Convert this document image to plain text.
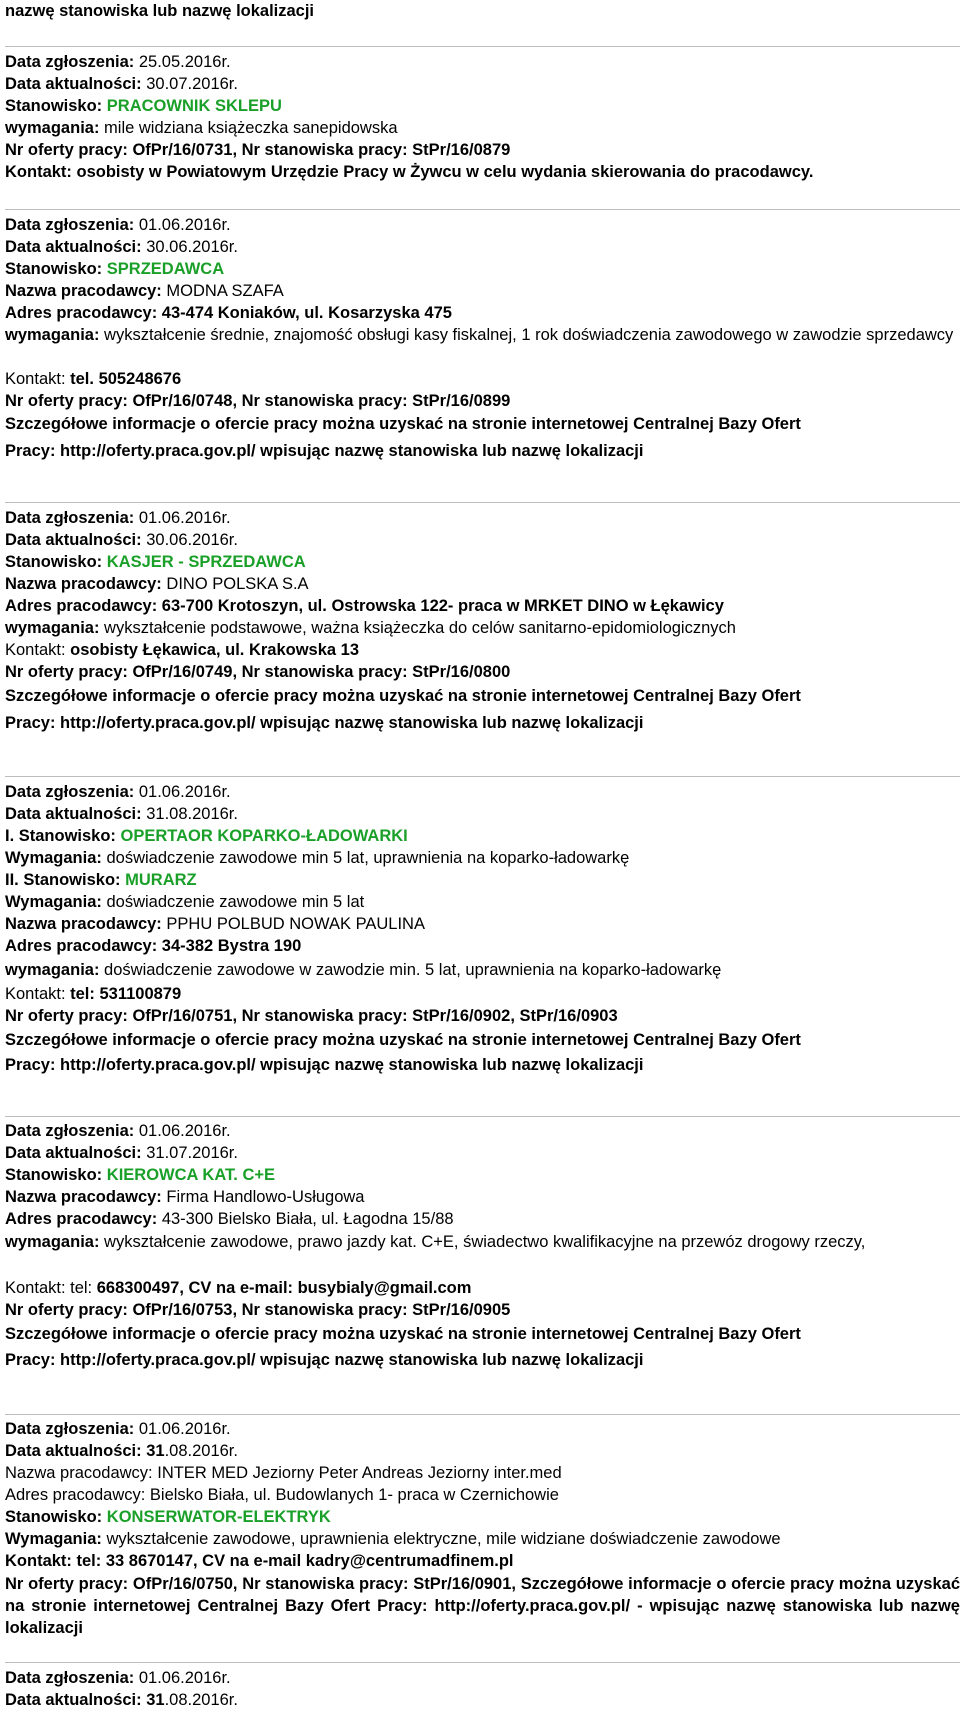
nazwę stanowiska lub nazwę lokalizacji
Data zgłoszenia: 25.05.2016r.
Data aktualności: 30.07.2016r.
Stanowisko: PRACOWNIK SKLEPU
wymagania: mile widziana książeczka sanepidowska
Nr oferty pracy: OfPr/16/0731, Nr stanowiska pracy: StPr/16/0879
Kontakt: osobisty w Powiatowym Urzędzie Pracy w Żywcu w celu wydania skierowania do pracodawcy.
Data zgłoszenia: 01.06.2016r.
Data aktualności: 30.06.2016r.
Stanowisko: SPRZEDAWCA
Nazwa pracodawcy: MODNA SZAFA
Adres pracodawcy: 43-474 Koniaków, ul. Kosarzyska 475
wymagania: wykształcenie średnie, znajomość obsługi kasy fiskalnej, 1 rok doświadczenia zawodowego w zawodzie sprzedawcy
Kontakt: tel. 505248676
Nr oferty pracy: OfPr/16/0748, Nr stanowiska pracy: StPr/16/0899
Szczegółowe informacje o ofercie pracy można uzyskać na stronie internetowej Centralnej Bazy Ofert
Pracy: http://oferty.praca.gov.pl/ wpisując nazwę stanowiska lub nazwę lokalizacji
Data zgłoszenia: 01.06.2016r.
Data aktualności: 30.06.2016r.
Stanowisko: KASJER - SPRZEDAWCA
Nazwa pracodawcy: DINO POLSKA S.A
Adres pracodawcy: 63-700 Krotoszyn, ul. Ostrowska 122- praca w MRKET DINO w Łękawicy
wymagania: wykształcenie podstawowe, ważna książeczka do celów sanitarno-epidomiologicznych
Kontakt: osobisty Łękawica, ul. Krakowska 13
Nr oferty pracy: OfPr/16/0749, Nr stanowiska pracy: StPr/16/0800
Szczegółowe informacje o ofercie pracy można uzyskać na stronie internetowej Centralnej Bazy Ofert
Pracy: http://oferty.praca.gov.pl/ wpisując nazwę stanowiska lub nazwę lokalizacji
Data zgłoszenia: 01.06.2016r.
Data aktualności: 31.08.2016r.
I. Stanowisko: OPERTAOR KOPARKO-ŁADOWARKI
Wymagania: doświadczenie zawodowe min 5 lat, uprawnienia na koparko-ładowarkę
II. Stanowisko: MURARZ
Wymagania: doświadczenie zawodowe min 5 lat
Nazwa pracodawcy: PPHU POLBUD NOWAK PAULINA
Adres pracodawcy: 34-382 Bystra 190
wymagania: doświadczenie zawodowe w zawodzie min. 5 lat, uprawnienia na koparko-ładowarkę
Kontakt: tel: 531100879
Nr oferty pracy: OfPr/16/0751, Nr stanowiska pracy: StPr/16/0902, StPr/16/0903
Szczegółowe informacje o ofercie pracy można uzyskać na stronie internetowej Centralnej Bazy Ofert
Pracy: http://oferty.praca.gov.pl/ wpisując nazwę stanowiska lub nazwę lokalizacji
Data zgłoszenia: 01.06.2016r.
Data aktualności: 31.07.2016r.
Stanowisko: KIEROWCA KAT. C+E
Nazwa pracodawcy: Firma Handlowo-Usługowa
Adres pracodawcy: 43-300 Bielsko Biała, ul. Łagodna 15/88
wymagania: wykształcenie zawodowe, prawo jazdy kat. C+E, świadectwo kwalifikacyjne na przewóz drogowy rzeczy,
Kontakt: tel: 668300497, CV na e-mail: busybialy@gmail.com
Nr oferty pracy: OfPr/16/0753, Nr stanowiska pracy: StPr/16/0905
Szczegółowe informacje o ofercie pracy można uzyskać na stronie internetowej Centralnej Bazy Ofert
Pracy: http://oferty.praca.gov.pl/ wpisując nazwę stanowiska lub nazwę lokalizacji
Data zgłoszenia: 01.06.2016r.
Data aktualności: 31.08.2016r.
Nazwa pracodawcy: INTER MED Jeziorny Peter Andreas Jeziorny inter.med
Adres pracodawcy: Bielsko Biała, ul. Budowlanych 1- praca w Czernichowie
Stanowisko: KONSERWATOR-ELEKTRYK
Wymagania: wykształcenie zawodowe, uprawnienia elektryczne, mile widziane doświadczenie zawodowe
Kontakt: tel: 33 8670147, CV na e-mail kadry@centrumadfinem.pl
Nr oferty pracy: OfPr/16/0750, Nr stanowiska pracy: StPr/16/0901, Szczegółowe informacje o ofercie pracy można uzyskać na stronie internetowej Centralnej Bazy Ofert Pracy: http://oferty.praca.gov.pl/ - wpisując nazwę stanowiska lub nazwę lokalizacji
Data zgłoszenia: 01.06.2016r.
Data aktualności: 31.08.2016r.
